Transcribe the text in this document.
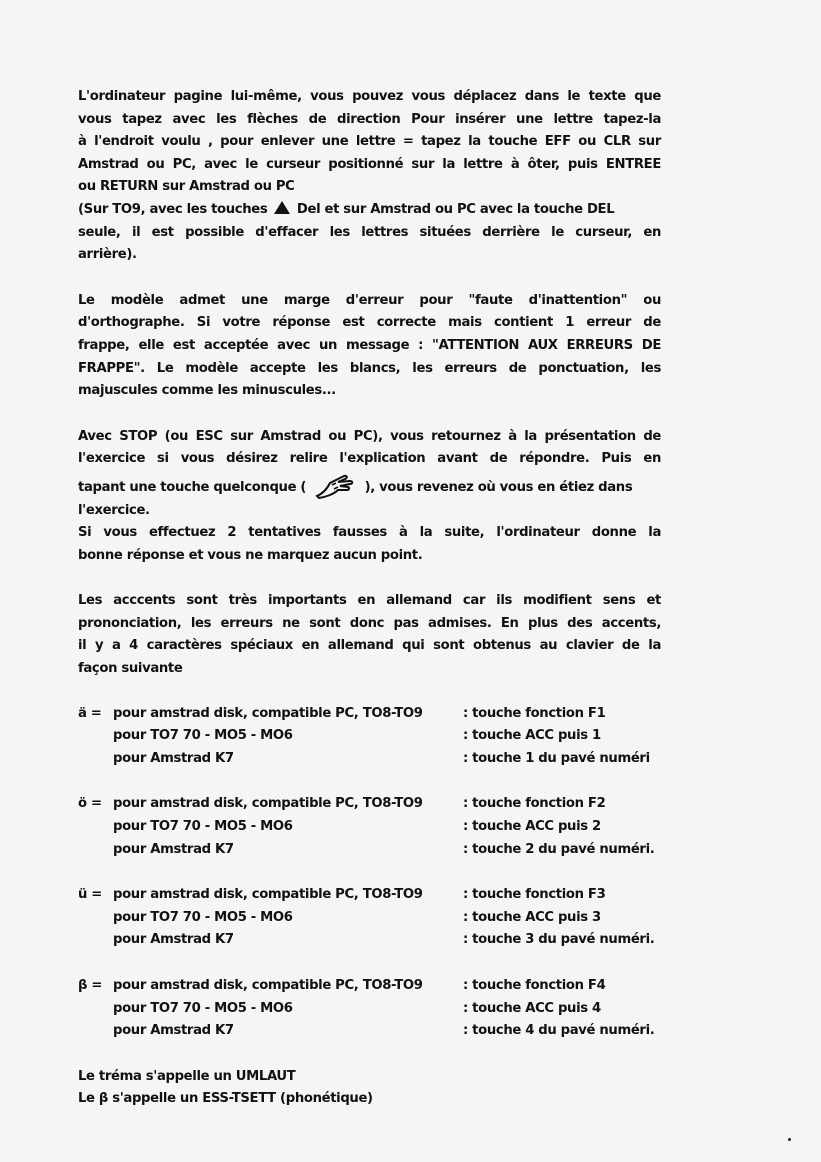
L'ordinateur pagine lui-même, vous pouvez vous déplacez dans le texte que
vous tapez avec les flèches de direction Pour insérer une lettre tapez-la
à l'endroit voulu , pour enlever une lettre = tapez la touche EFF ou CLR sur
Amstrad ou PC, avec le curseur positionné sur la lettre à ôter, puis ENTREE
ou RETURN sur Amstrad ou PC
(Sur TO9, avec les touches Del et sur Amstrad ou PC avec la touche DEL
seule, il est possible d'effacer les lettres situées derrière le curseur, en
arrière).
Le modèle admet une marge d'erreur pour "faute d'inattention" ou
d'orthographe. Si votre réponse est correcte mais contient 1 erreur de
frappe, elle est acceptée avec un message : "ATTENTION AUX ERREURS DE
FRAPPE". Le modèle accepte les blancs, les erreurs de ponctuation, les
majuscules comme les minuscules...
Avec STOP (ou ESC sur Amstrad ou PC), vous retournez à la présentation de
l'exercice si vous désirez relire l'explication avant de répondre. Puis en
tapant une touche quelconque (	), vous revenez où vous en étiez dans
l'exercice.
Si vous effectuez 2 tentatives fausses à la suite, l'ordinateur donne la
bonne réponse et vous ne marquez aucun point.
Les acccents sont très importants en allemand car ils modifient sens et
prononciation, les erreurs ne sont donc pas admises. En plus des accents,
il y a 4 caractères spéciaux en allemand qui sont obtenus au clavier de la
façon suivante
ä = pour amstrad disk, compatible PC, TO8-TO9	: touche fonction F1
pour TO7 70 - MO5 - MO6	: touche ACC puis 1
pour Amstrad K7	: touche 1 du pavé numéri
ö = pour amstrad disk, compatible PC, TO8-TO9	: touche fonction F2
pour TO7 70 - MO5 - MO6	: touche ACC puis 2
pour Amstrad K7	: touche 2 du pavé numéri.
ü = pour amstrad disk, compatible PC, TO8-TO9	: touche fonction F3
pour TO7 70 - MO5 - MO6	: touche ACC puis 3
pour Amstrad K7	: touche 3 du pavé numéri.
β = pour amstrad disk, compatible PC, TO8-TO9	: touche fonction F4
pour TO7 70 - MO5 - MO6	: touche ACC puis 4
pour Amstrad K7	: touche 4 du pavé numéri.
Le tréma s'appelle un UMLAUT
Le β s'appelle un ESS-TSETT (phonétique)
